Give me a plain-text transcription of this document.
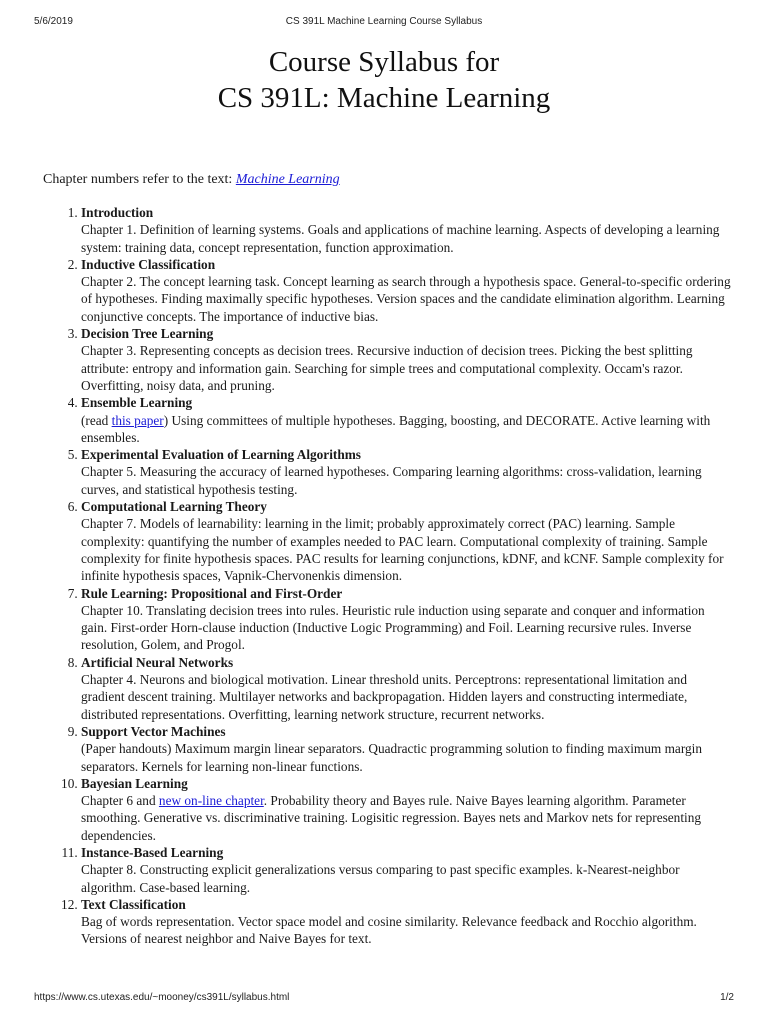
5/6/2019	CS 391L Machine Learning Course Syllabus
Course Syllabus for
CS 391L: Machine Learning

Chapter numbers refer to the text: Machine Learning

1. Introduction
Chapter 1. Definition of learning systems. Goals and applications of machine learning. Aspects of developing a learning system: training data, concept representation, function approximation.
2. Inductive Classification
Chapter 2. The concept learning task. Concept learning as search through a hypothesis space. General-to-specific ordering of hypotheses. Finding maximally specific hypotheses. Version spaces and the candidate elimination algorithm. Learning conjunctive concepts. The importance of inductive bias.
3. Decision Tree Learning
Chapter 3. Representing concepts as decision trees. Recursive induction of decision trees. Picking the best splitting attribute: entropy and information gain. Searching for simple trees and computational complexity. Occam's razor. Overfitting, noisy data, and pruning.
4. Ensemble Learning
(read this paper) Using committees of multiple hypotheses. Bagging, boosting, and DECORATE. Active learning with ensembles.
5. Experimental Evaluation of Learning Algorithms
Chapter 5. Measuring the accuracy of learned hypotheses. Comparing learning algorithms: cross-validation, learning curves, and statistical hypothesis testing.
6. Computational Learning Theory
Chapter 7. Models of learnability: learning in the limit; probably approximately correct (PAC) learning. Sample complexity: quantifying the number of examples needed to PAC learn. Computational complexity of training. Sample complexity for finite hypothesis spaces. PAC results for learning conjunctions, kDNF, and kCNF. Sample complexity for infinite hypothesis spaces, Vapnik-Chervonenkis dimension.
7. Rule Learning: Propositional and First-Order
Chapter 10. Translating decision trees into rules. Heuristic rule induction using separate and conquer and information gain. First-order Horn-clause induction (Inductive Logic Programming) and Foil. Learning recursive rules. Inverse resolution, Golem, and Progol.
8. Artificial Neural Networks
Chapter 4. Neurons and biological motivation. Linear threshold units. Perceptrons: representational limitation and gradient descent training. Multilayer networks and backpropagation. Hidden layers and constructing intermediate, distributed representations. Overfitting, learning network structure, recurrent networks.
9. Support Vector Machines
(Paper handouts) Maximum margin linear separators. Quadractic programming solution to finding maximum margin separators. Kernels for learning non-linear functions.
10. Bayesian Learning
Chapter 6 and new on-line chapter. Probability theory and Bayes rule. Naive Bayes learning algorithm. Parameter smoothing. Generative vs. discriminative training. Logisitic regression. Bayes nets and Markov nets for representing dependencies.
11. Instance-Based Learning
Chapter 8. Constructing explicit generalizations versus comparing to past specific examples. k-Nearest-neighbor algorithm. Case-based learning.
12. Text Classification
Bag of words representation. Vector space model and cosine similarity. Relevance feedback and Rocchio algorithm. Versions of nearest neighbor and Naive Bayes for text.
https://www.cs.utexas.edu/~mooney/cs391L/syllabus.html	1/2
